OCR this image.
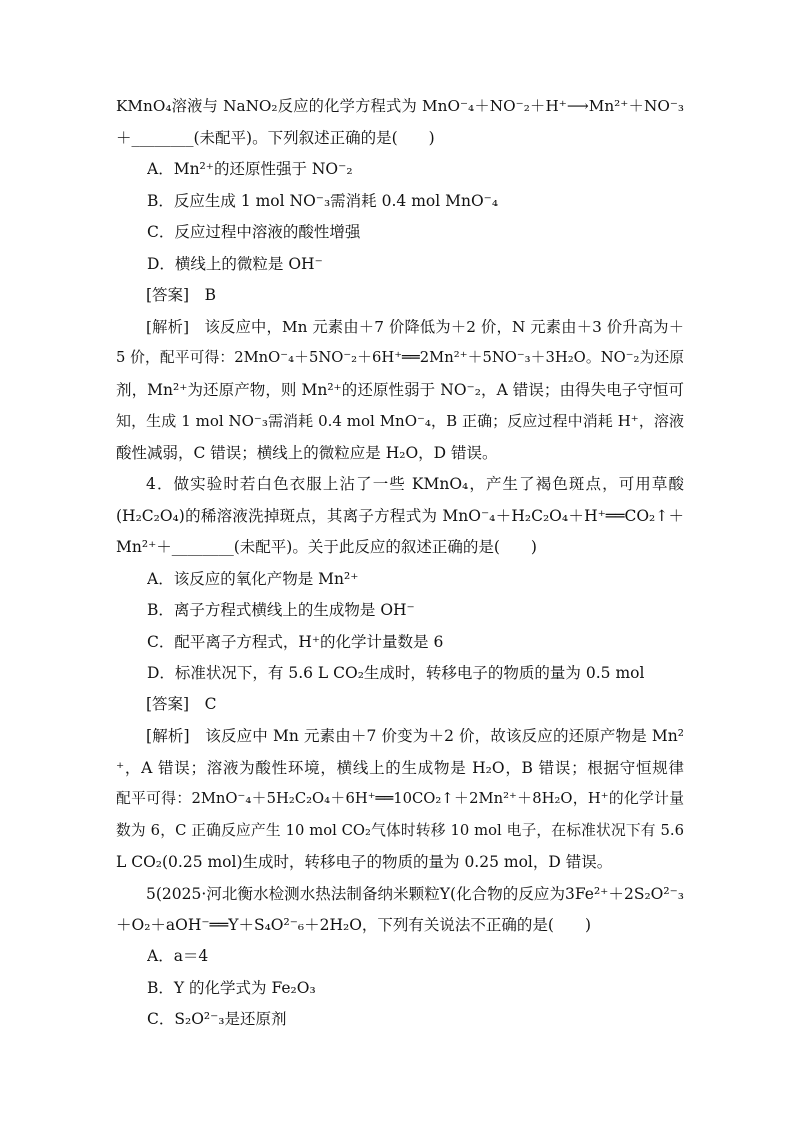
KMnO₄溶液与 NaNO₂反应的化学方程式为 MnO⁻₄＋NO⁻₂＋H⁺⟶Mn²⁺＋NO⁻₃
＋________(未配平)。下列叙述正确的是(　　)
A．Mn²⁺的还原性强于 NO⁻₂
B．反应生成 1 mol NO⁻₃需消耗 0.4 mol MnO⁻₄
C．反应过程中溶液的酸性增强
D．横线上的微粒是 OH⁻
[答案]　B
[解析]　该反应中，Mn 元素由＋7 价降低为＋2 价，N 元素由＋3 价升高为＋
5 价，配平可得：2MnO⁻₄＋5NO⁻₂＋6H⁺══2Mn²⁺＋5NO⁻₃＋3H₂O。NO⁻₂为还原
剂，Mn²⁺为还原产物，则 Mn²⁺的还原性弱于 NO⁻₂，A 错误；由得失电子守恒可
知，生成 1 mol NO⁻₃需消耗 0.4 mol MnO⁻₄，B 正确；反应过程中消耗 H⁺，溶液
酸性减弱，C 错误；横线上的微粒应是 H₂O，D 错误。
4．做实验时若白色衣服上沾了一些 KMnO₄，产生了褐色斑点，可用草酸
(H₂C₂O₄)的稀溶液洗掉斑点，其离子方程式为 MnO⁻₄＋H₂C₂O₄＋H⁺══CO₂↑＋
Mn²⁺＋________(未配平)。关于此反应的叙述正确的是(　　)
A．该反应的氧化产物是 Mn²⁺
B．离子方程式横线上的生成物是 OH⁻
C．配平离子方程式，H⁺的化学计量数是 6
D．标准状况下，有 5.6 L CO₂生成时，转移电子的物质的量为 0.5 mol
[答案]　C
[解析]　该反应中 Mn 元素由＋7 价变为＋2 价，故该反应的还原产物是 Mn²
⁺，A 错误；溶液为酸性环境，横线上的生成物是 H₂O，B 错误；根据守恒规律
配平可得：2MnO⁻₄＋5H₂C₂O₄＋6H⁺══10CO₂↑＋2Mn²⁺＋8H₂O，H⁺的化学计量
数为 6，C 正确反应产生 10 mol CO₂气体时转移 10 mol 电子，在标准状况下有 5.6
L CO₂(0.25 mol)生成时，转移电子的物质的量为 0.25 mol，D 错误。
5(2025·河北衡水检测水热法制备纳米颗粒Y(化合物的反应为3Fe²⁺＋2S₂O²⁻₃
＋O₂＋aOH⁻══Y＋S₄O²⁻₆＋2H₂O，下列有关说法不正确的是(　　)
A．a＝4
B．Y 的化学式为 Fe₂O₃
C．S₂O²⁻₃是还原剂
